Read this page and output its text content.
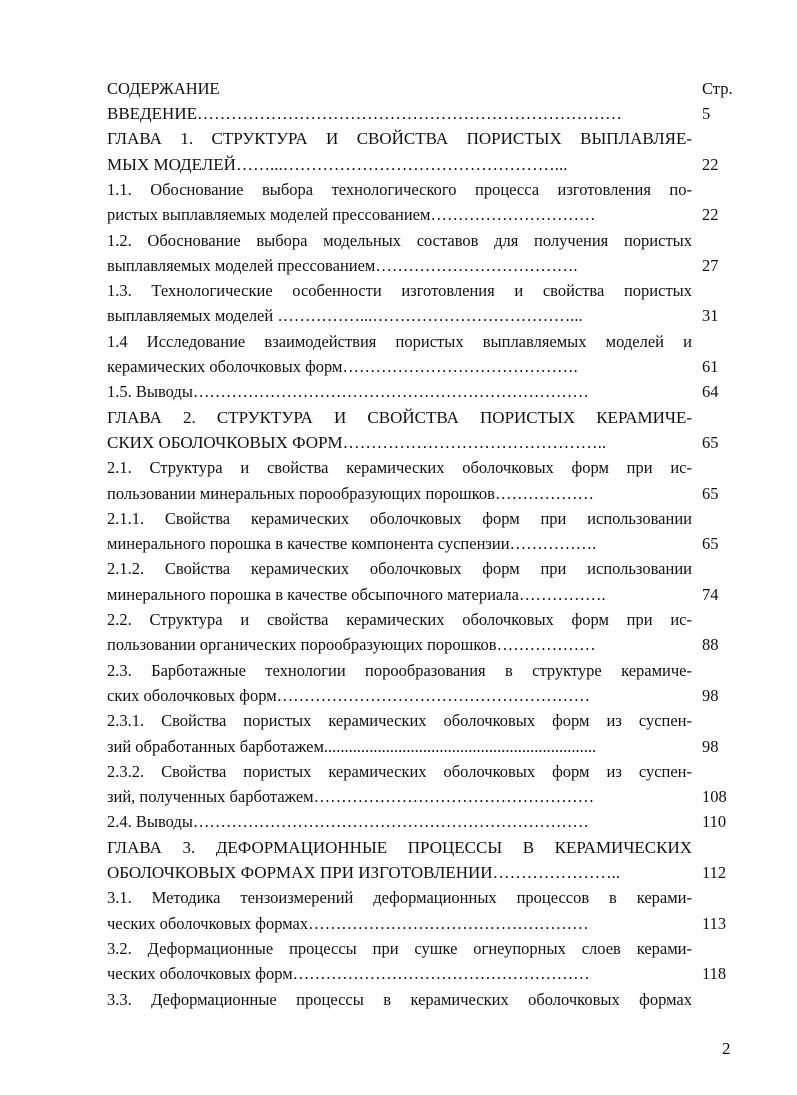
СОДЕРЖАНИЕ	Стр.
ВВЕДЕНИЕ…………………………………………………………………	5
ГЛАВА 1. СТРУКТУРА И СВОЙСТВА ПОРИСТЫХ ВЫПЛАВЛЯЕ-
МЫХ МОДЕЛЕЙ……...…………………………………………...	22
1.1. Обоснование выбора технологического процесса изготовления по-
ристых выплавляемых моделей прессованием…………………………	22
1.2. Обоснование выбора модельных составов для получения пористых
выплавляемых моделей прессованием……………………………….	27
1.3. Технологические особенности изготовления и свойства пористых
выплавляемых моделей ……………...………………………………...	31
1.4 Исследование взаимодействия пористых выплавляемых моделей и
керамических оболочковых форм…………………………………….	61
1.5. Выводы………………………………………………………………	64
ГЛАВА 2. СТРУКТУРА И СВОЙСТВА ПОРИСТЫХ КЕРАМИЧЕ-
СКИХ ОБОЛОЧКОВЫХ ФОРМ………………………………………..	65
2.1. Структура и свойства керамических оболочковых форм при ис-
пользовании минеральных порообразующих порошков………………	65
2.1.1. Свойства керамических оболочковых форм при использовании
минерального порошка в качестве компонента суспензии…………….	65
2.1.2. Свойства керамических оболочковых форм при использовании
минерального порошка в качестве обсыпочного материала…………….	74
2.2. Структура и свойства керамических оболочковых форм при ис-
пользовании органических порообразующих порошков………………	88
2.3. Барботажные технологии порообразования в структуре керамиче-
ских оболочковых форм…………………………………………………	98
2.3.1. Свойства пористых керамических оболочковых форм из суспен-
зий обработанных барботажем..................................................................	98
2.3.2. Свойства пористых керамических оболочковых форм из суспен-
зий, полученных барботажем……………………………………………	108
2.4. Выводы………………………………………………………………	110
ГЛАВА 3. ДЕФОРМАЦИОННЫЕ ПРОЦЕССЫ В КЕРАМИЧЕСКИХ
ОБОЛОЧКОВЫХ ФОРМАХ ПРИ ИЗГОТОВЛЕНИИ…………………..	112
3.1. Методика тензоизмерений деформационных процессов в керами-
ческих оболочковых формах……………………………………………	113
3.2. Деформационные процессы при сушке огнеупорных слоев керами-
ческих оболочковых форм………………………………………………	118
3.3. Деформационные процессы в керамических оболочковых формах
2
